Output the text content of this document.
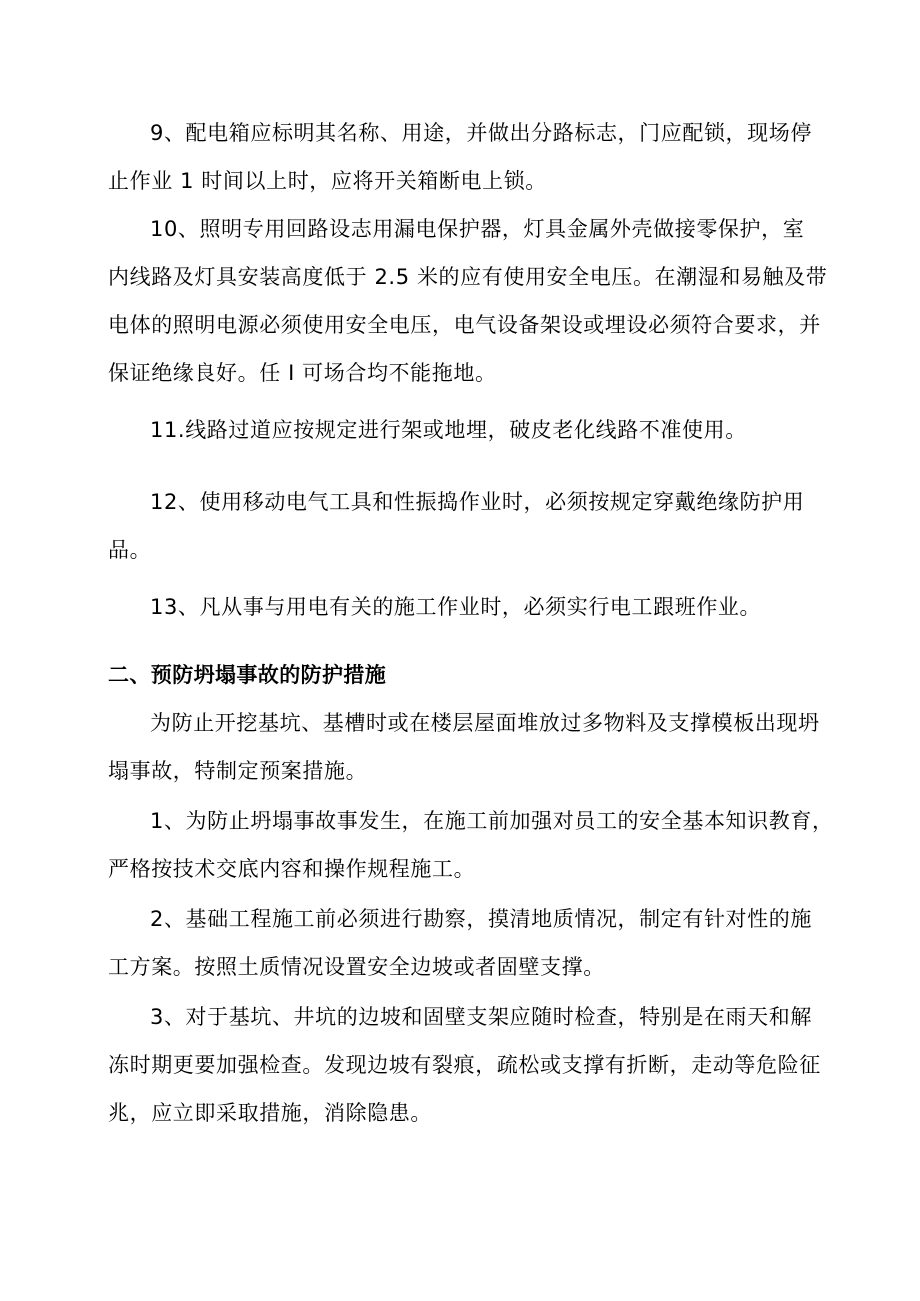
9、配电箱应标明其名称、用途，并做出分路标志，门应配锁，现场停
止作业 1 时间以上时，应将开关箱断电上锁。
10、照明专用回路设志用漏电保护器，灯具金属外壳做接零保护，室
内线路及灯具安装高度低于 2.5 米的应有使用安全电压。在潮湿和易触及带
电体的照明电源必须使用安全电压，电气设备架设或埋设必须符合要求，并
保证绝缘良好。任 I 可场合均不能拖地。
11.线路过道应按规定进行架或地埋，破皮老化线路不准使用。
12、使用移动电气工具和性振捣作业时，必须按规定穿戴绝缘防护用
品。
13、凡从事与用电有关的施工作业时，必须实行电工跟班作业。
二、预防坍塌事故的防护措施
为防止开挖基坑、基槽时或在楼层屋面堆放过多物料及支撑模板出现坍
塌事故，特制定预案措施。
1、为防止坍塌事故事发生，在施工前加强对员工的安全基本知识教育，
严格按技术交底内容和操作规程施工。
2、基础工程施工前必须进行勘察，摸清地质情况，制定有针对性的施
工方案。按照土质情况设置安全边坡或者固壁支撑。
3、对于基坑、井坑的边坡和固壁支架应随时检查，特别是在雨天和解
冻时期更要加强检查。发现边坡有裂痕，疏松或支撑有折断，走动等危险征
兆，应立即采取措施，消除隐患。
